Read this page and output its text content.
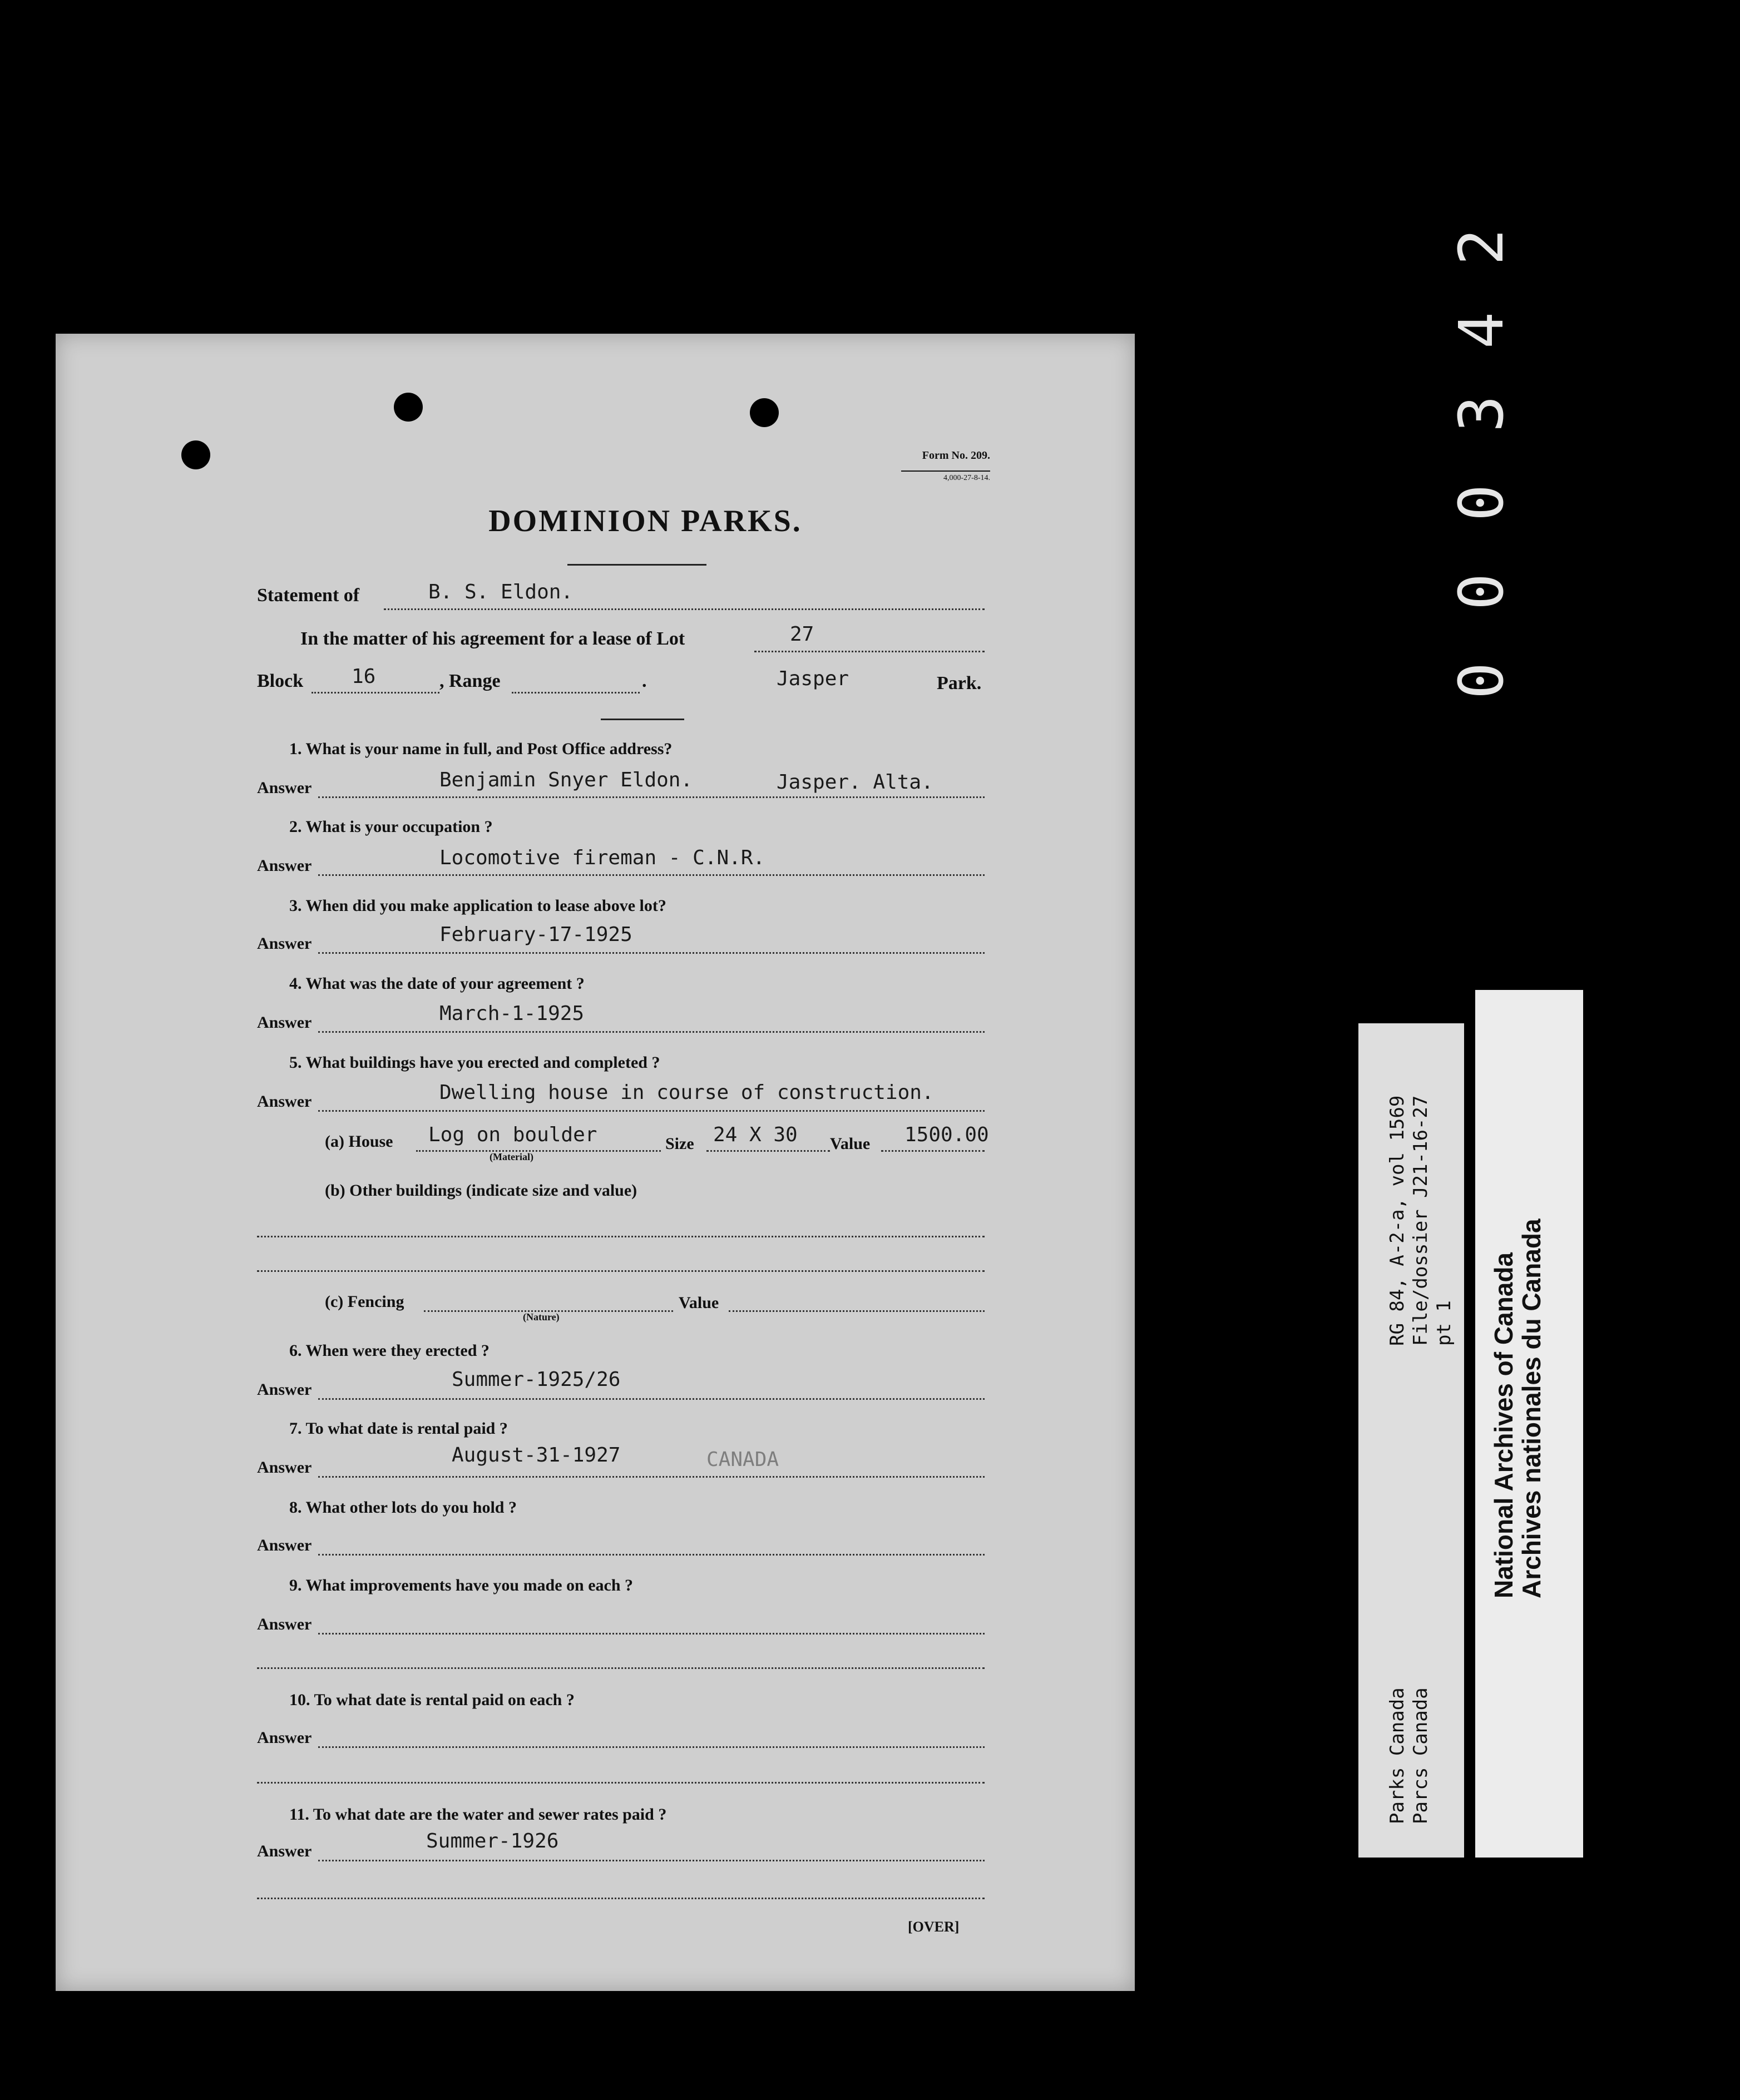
2
4
3
0
0
0
Form No. 209.
4,000-27-8-14.
DOMINION PARKS.
Statement of	B. S. Eldon.
In the matter of his agreement for a lease of Lot	27
Block 16	, Range	.	Jasper	Park.
1. What is your name in full, and Post Office address?
Answer	Benjamin Snyer Eldon.	Jasper. Alta.
2. What is your occupation ?
Answer	Locomotive fireman - C.N.R.
3. When did you make application to lease above lot?
Answer	February-17-1925
4. What was the date of your agreement ?
Answer	March-1-1925
5. What buildings have you erected and completed ?
Answer	Dwelling house in course of construction.
(a) House Log on boulder
(Material)
Size 24 X 30 Value 1500.00
(b) Other buildings (indicate size and value)
(c) Fencing
(Nature)
Value
6. When were they erected ?
Answer	Summer-1925/26
7. To what date is rental paid ?
Answer
August-31-1927	CANADA
8. What other lots do you hold ?
Answer
9. What improvements have you made on each ?
Answer
10. To what date is rental paid on each ?
Answer
11. To what date are the water and sewer rates paid ?
Answer	Summer-1926
[OVER]
RG 84, A-2-a, vol 1569 File/dossier J21-16-27 pt 1
Parks Canada Parcs Canada
National Archives of Canada
Archives nationales du Canada
